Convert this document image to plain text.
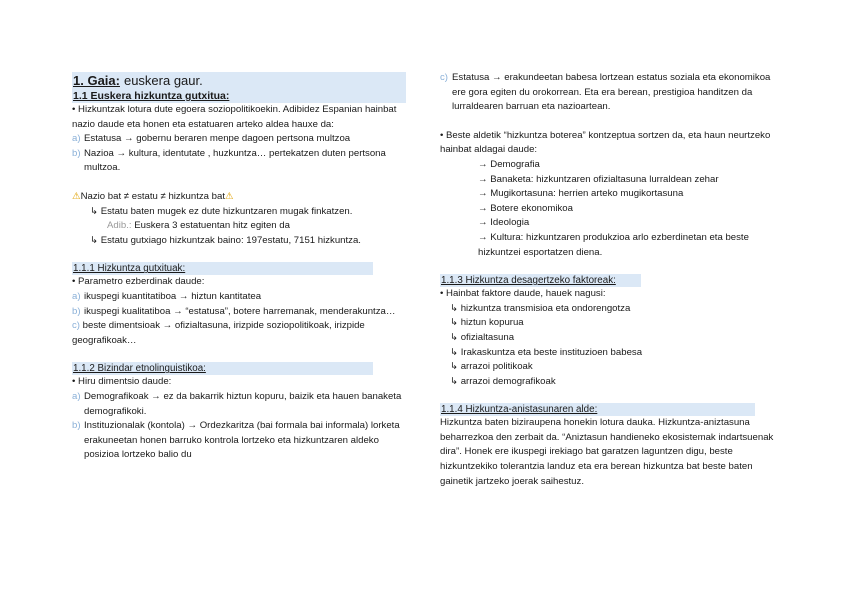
1. Gaia: euskera gaur.
1.1 Euskera hizkuntza gutxitua:

• Hizkuntzak lotura dute egoera soziopolitikoekin. Adibidez Espanian hainbat nazio daude eta honen eta estatuaren arteko aldea hauxe da:

a) Estatusa → gobernu beraren menpe dagoen pertsona multzoa

b) Nazioa → kultura, identutate , huzkuntza… pertekatzen duten pertsona multzoa.

⚠Nazio bat ≠ estatu ≠ hizkuntza bat⚠

↳ Estatu baten mugek ez dute hizkuntzaren mugak finkatzen.

Adib.: Euskera 3 estatuentan hitz egiten da

↳ Estatu gutxiago hizkuntzak baino: 197estatu, 7151 hizkuntza.

1.1.1 Hizkuntza gutxituak:

• Parametro ezberdinak daude:

a) ikuspegi kuantitatiboa → hiztun kantitatea

b) ikuspegi kualitatiboa → “estatusa”, botere harremanak, menderakuntza…

c) beste dimentsioak → ofizialtasuna, irizpide soziopolitikoak, irizpide geografikoak…

1.1.2 Bizindar etnolinguistikoa:

• Hiru dimentsio daude:

a) Demografikoak → ez da bakarrik hiztun kopuru, baizik eta hauen banaketa demografikoki.

b) Instituzionalak (kontola) → Ordezkaritza (bai formala bai informala) lorketa erakuneetan honen barruko kontrola lortzeko eta hizkuntzaren aldeko posizioa lortzeko balio du

c) Estatusa → erakundeetan babesa lortzean estatus soziala eta ekonomikoa ere gora egiten du orokorrean. Eta era berean, prestigioa handitzen da lurraldearen barruan eta nazioartean.

• Beste aldetik “hizkuntza boterea” kontzeptua sortzen da, eta haun neurtzeko hainbat aldagai daude:

→ Demografia

→ Banaketa: hizkuntzaren ofizialtasuna lurraldean zehar

→ Mugikortasuna: herrien arteko mugikortasuna

→ Botere ekonomikoa

→ Ideologia

→ Kultura: hizkuntzaren produkzioa arlo ezberdinetan eta beste hizkuntzei esportatzen diena.

1.1.3 Hizkuntza desagertzeko faktoreak:

• Hainbat faktore daude, hauek nagusi:

↳ hizkuntza transmisioa eta ondorengotza

↳ hiztun kopurua

↳ ofizialtasuna

↳ Irakaskuntza eta beste instituzioen babesa

↳ arrazoi politikoak

↳ arrazoi demografikoak

1.1.4 Hizkuntza-anistasunaren alde:

Hizkuntza baten biziraupena honekin lotura dauka. Hizkuntza-aniztasuna beharrezkoa den zerbait da. “Aniztasun handieneko ekosistemak indartsuenak dira”. Honek ere ikuspegi irekiago bat garatzen laguntzen digu, beste hizkuntzekiko tolerantzia landuz eta era berean hizkuntza bat beste baten gainetik jartzeko joerak saihestuz.
